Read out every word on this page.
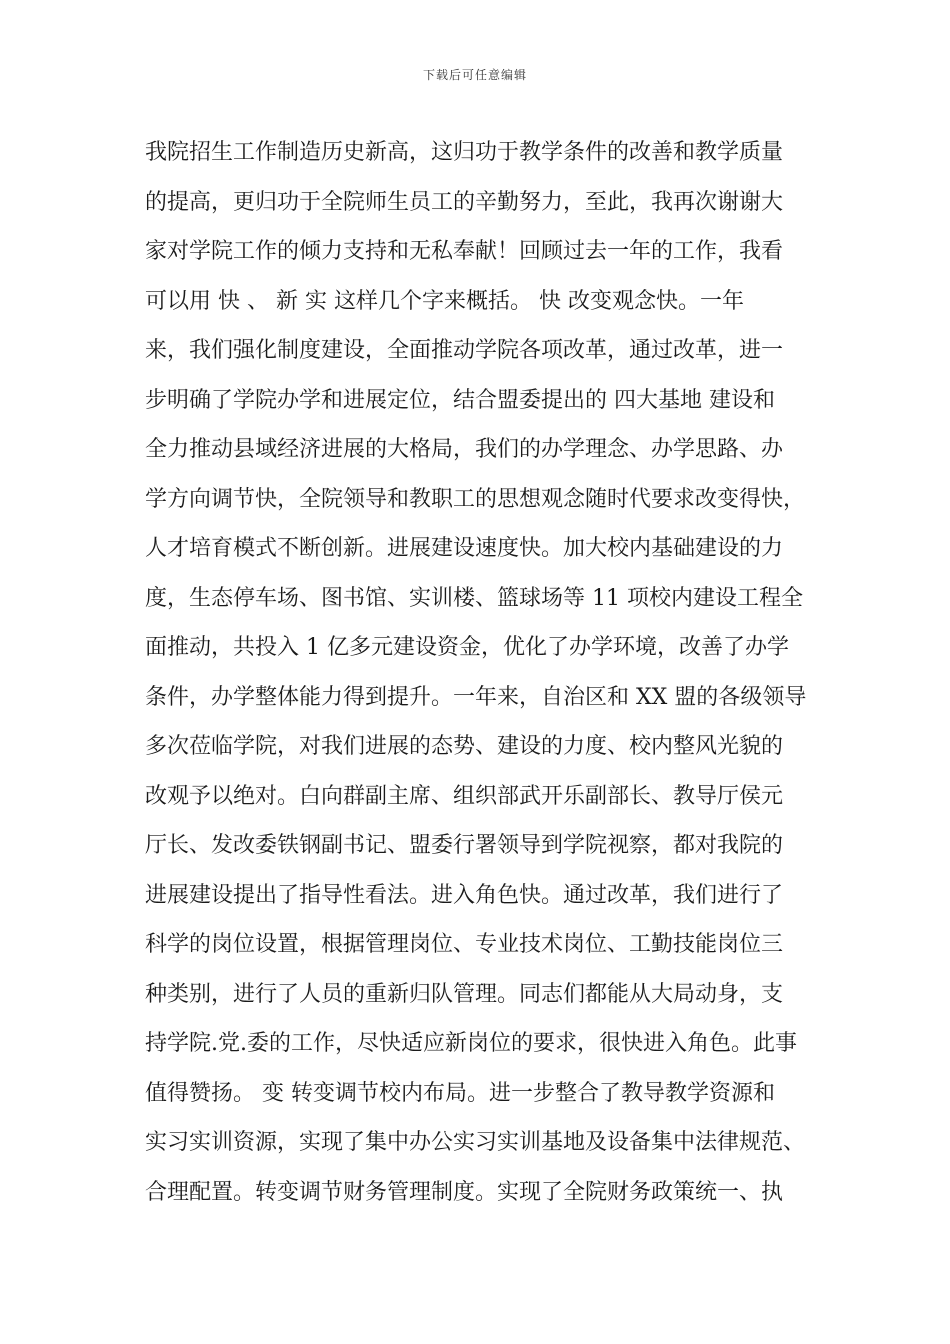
下载后可任意编辑
我院招生工作制造历史新高，这归功于教学条件的改善和教学质量
的提高，更归功于全院师生员工的辛勤努力，至此，我再次谢谢大
家对学院工作的倾力支持和无私奉献！回顾过去一年的工作，我看
可以用 快 、 新 实 这样几个字来概括。 快 改变观念快。一年
来，我们强化制度建设，全面推动学院各项改革，通过改革，进一
步明确了学院办学和进展定位，结合盟委提出的 四大基地 建设和
全力推动县域经济进展的大格局，我们的办学理念、办学思路、办
学方向调节快，全院领导和教职工的思想观念随时代要求改变得快，
人才培育模式不断创新。进展建设速度快。加大校内基础建设的力
度，生态停车场、图书馆、实训楼、篮球场等 11 项校内建设工程全
面推动，共投入 1 亿多元建设资金，优化了办学环境，改善了办学
条件，办学整体能力得到提升。一年来，自治区和 XX 盟的各级领导
多次莅临学院，对我们进展的态势、建设的力度、校内整风光貌的
改观予以绝对。白向群副主席、组织部武开乐副部长、教导厅侯元
厅长、发改委铁钢副书记、盟委行署领导到学院视察，都对我院的
进展建设提出了指导性看法。进入角色快。通过改革，我们进行了
科学的岗位设置，根据管理岗位、专业技术岗位、工勤技能岗位三
种类别，进行了人员的重新归队管理。同志们都能从大局动身，支
持学院.党.委的工作，尽快适应新岗位的要求，很快进入角色。此事
值得赞扬。 变 转变调节校内布局。进一步整合了教导教学资源和
实习实训资源，实现了集中办公实习实训基地及设备集中法律规范、
合理配置。转变调节财务管理制度。实现了全院财务政策统一、执
